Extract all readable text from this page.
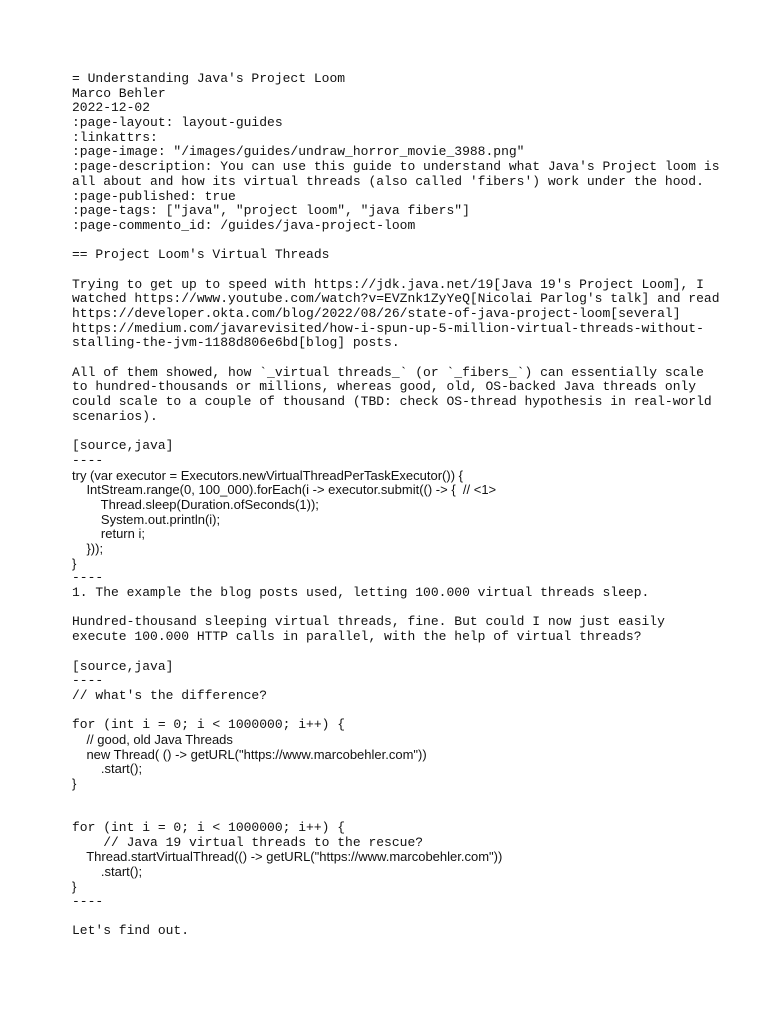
= Understanding Java's Project Loom
Marco Behler
2022-12-02
:page-layout: layout-guides
:linkattrs:
:page-image: "/images/guides/undraw_horror_movie_3988.png"
:page-description: You can use this guide to understand what Java's Project loom is
all about and how its virtual threads (also called 'fibers') work under the hood.
:page-published: true
:page-tags: ["java", "project loom", "java fibers"]
:page-commento_id: /guides/java-project-loom
== Project Loom's Virtual Threads
Trying to get up to speed with https://jdk.java.net/19[Java 19's Project Loom], I
watched https://www.youtube.com/watch?v=EVZnk1ZyYeQ[Nicolai Parlog's talk] and read
https://developer.okta.com/blog/2022/08/26/state-of-java-project-loom[several]
https://medium.com/javarevisited/how-i-spun-up-5-million-virtual-threads-without-
stalling-the-jvm-1188d806e6bd[blog] posts.
All of them showed, how `_virtual threads_` (or `_fibers_`) can essentially scale
to hundred-thousands or millions, whereas good, old, OS-backed Java threads only
could scale to a couple of thousand (TBD: check OS-thread hypothesis in real-world
scenarios).
[source,java]
----
try (var executor = Executors.newVirtualThreadPerTaskExecutor()) {
IntStream.range(0, 100_000).forEach(i -> executor.submit(() -> {  // <1>
Thread.sleep(Duration.ofSeconds(1));
System.out.println(i);
return i;
}));
}
----
1. The example the blog posts used, letting 100.000 virtual threads sleep.
Hundred-thousand sleeping virtual threads, fine. But could I now just easily
execute 100.000 HTTP calls in parallel, with the help of virtual threads?
[source,java]
----
// what's the difference?
for (int i = 0; i < 1000000; i++) {
// good, old Java Threads
new Thread( () -> getURL("https://www.marcobehler.com"))
.start();
}
for (int i = 0; i < 1000000; i++) {
// Java 19 virtual threads to the rescue?
Thread.startVirtualThread(() -> getURL("https://www.marcobehler.com"))
.start();
}
----
Let's find out.
